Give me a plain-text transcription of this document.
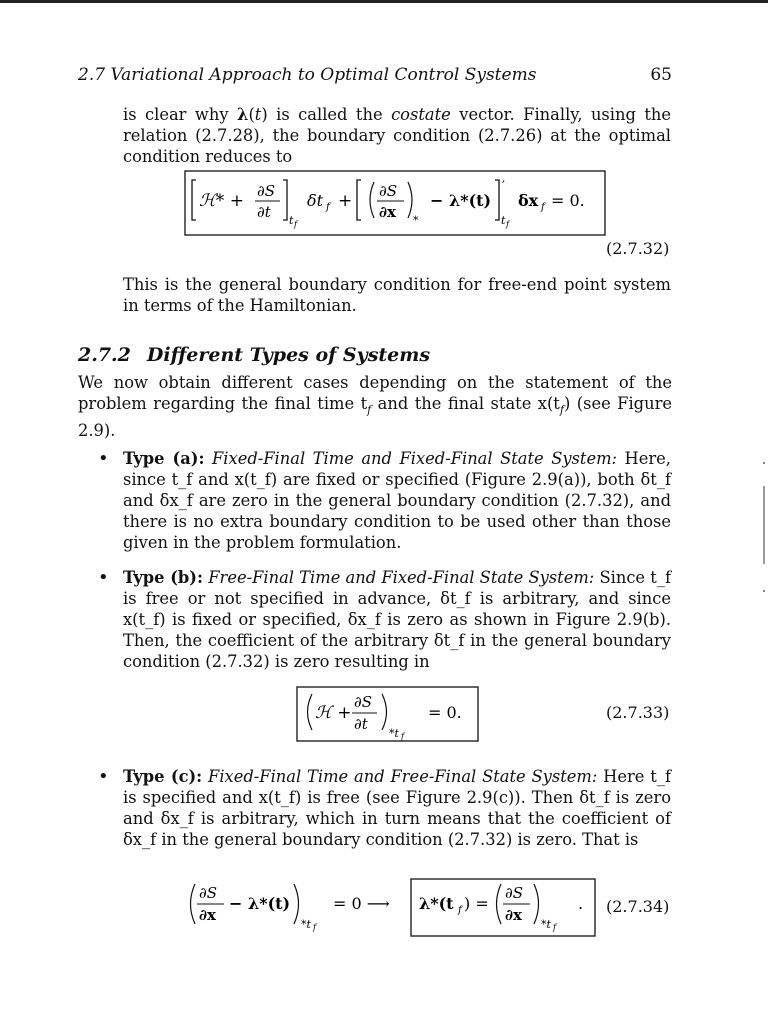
2.7 Variational Approach to Optimal Control Systems	65
is clear why λ(t) is called the costate vector. Finally, using the relation (2.7.28), the boundary condition (2.7.26) at the optimal condition reduces to
ℋ* + ∂S
∂t t f
δt f + ∂S
∂x *
− λ*(t)
′
t f
δx f = 0.
(2.7.32)
This is the general boundary condition for free-end point system in terms of the Hamiltonian.
2.7.2 Different Types of Systems
We now obtain different cases depending on the statement of the problem regarding the final time $t_f$ and the final state $x(t_f)$ (see Figure 2.9).
• Type (a): Fixed-Final Time and Fixed-Final State System: Here, since t_f and x(t_f) are fixed or specified (Figure 2.9(a)), both δt_f and δx_f are zero in the general boundary condition (2.7.32), and there is no extra boundary condition to be used other than those given in the problem formulation.
• Type (b): Free-Final Time and Fixed-Final State System: Since t_f is free or not specified in advance, δt_f is arbitrary, and since x(t_f) is fixed or specified, δx_f is zero as shown in Figure 2.9(b). Then, the coefficient of the arbitrary δt_f in the general boundary condition (2.7.32) is zero resulting in
ℋ +
∂S
∂t
*t f
= 0.	(2.7.33)
• Type (c): Fixed-Final Time and Free-Final State System: Here t_f is specified and x(t_f) is free (see Figure 2.9(c)). Then δt_f is zero and δx_f is arbitrary, which in turn means that the coefficient of δx_f in the general boundary condition (2.7.32) is zero. That is
∂S
∂x
− λ*(t)
*t f
= 0 ⟶ λ*(t f ) =
∂S
∂x
*t f
. (2.7.34)
